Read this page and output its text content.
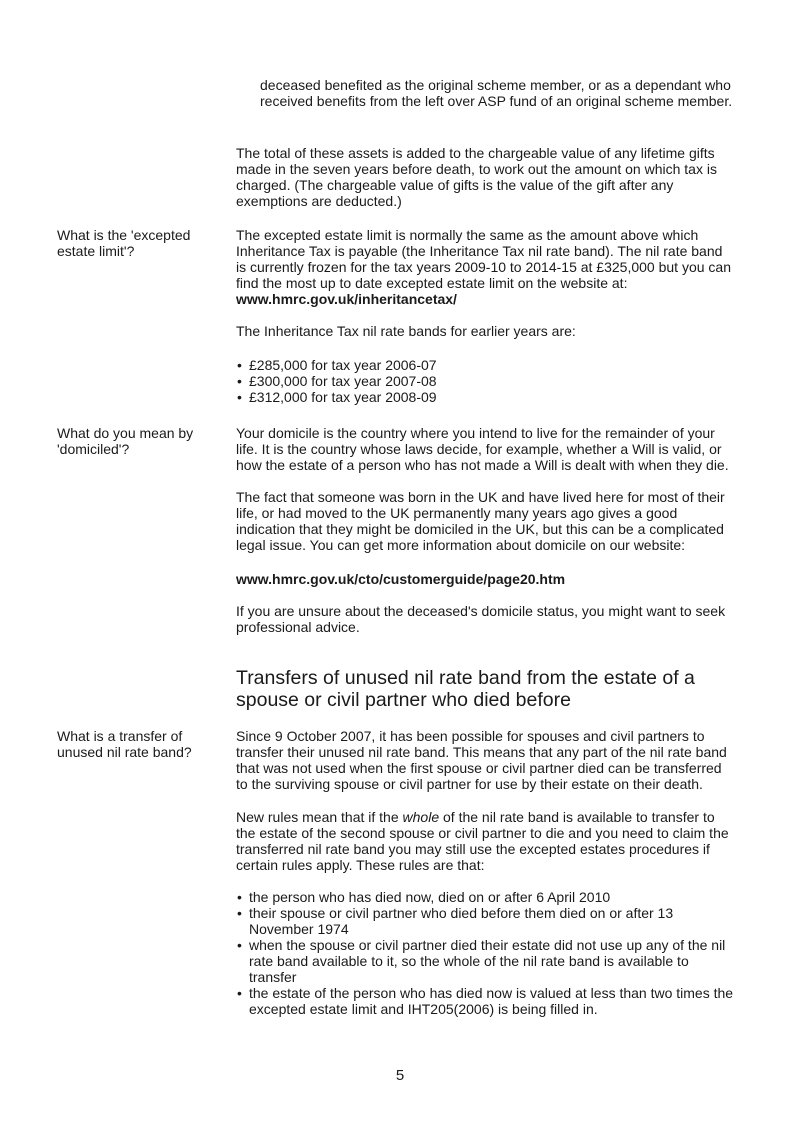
deceased benefited as the original scheme member, or as a dependant who received benefits from the left over ASP fund of an original scheme member.

The total of these assets is added to the chargeable value of any lifetime gifts made in the seven years before death, to work out the amount on which tax is charged. (The chargeable value of gifts is the value of the gift after any exemptions are deducted.)

What is the 'excepted estate limit'?

The excepted estate limit is normally the same as the amount above which Inheritance Tax is payable (the Inheritance Tax nil rate band). The nil rate band is currently frozen for the tax years 2009-10 to 2014-15 at £325,000 but you can find the most up to date excepted estate limit on the website at:

www.hmrc.gov.uk/inheritancetax/

The Inheritance Tax nil rate bands for earlier years are:

• £285,000 for tax year 2006-07
• £300,000 for tax year 2007-08
• £312,000 for tax year 2008-09

What do you mean by 'domiciled'?

Your domicile is the country where you intend to live for the remainder of your life. It is the country whose laws decide, for example, whether a Will is valid, or how the estate of a person who has not made a Will is dealt with when they die.

The fact that someone was born in the UK and have lived here for most of their life, or had moved to the UK permanently many years ago gives a good indication that they might be domiciled in the UK, but this can be a complicated legal issue. You can get more information about domicile on our website:

www.hmrc.gov.uk/cto/customerguide/page20.htm

If you are unsure about the deceased's domicile status, you might want to seek professional advice.

Transfers of unused nil rate band from the estate of a spouse or civil partner who died before

What is a transfer of unused nil rate band?

Since 9 October 2007, it has been possible for spouses and civil partners to transfer their unused nil rate band. This means that any part of the nil rate band that was not used when the first spouse or civil partner died can be transferred to the surviving spouse or civil partner for use by their estate on their death.

New rules mean that if the whole of the nil rate band is available to transfer to the estate of the second spouse or civil partner to die and you need to claim the transferred nil rate band you may still use the excepted estates procedures if certain rules apply. These rules are that:

• the person who has died now, died on or after 6 April 2010
• their spouse or civil partner who died before them died on or after 13 November 1974
• when the spouse or civil partner died their estate did not use up any of the nil rate band available to it, so the whole of the nil rate band is available to transfer
• the estate of the person who has died now is valued at less than two times the excepted estate limit and IHT205(2006) is being filled in.
5
